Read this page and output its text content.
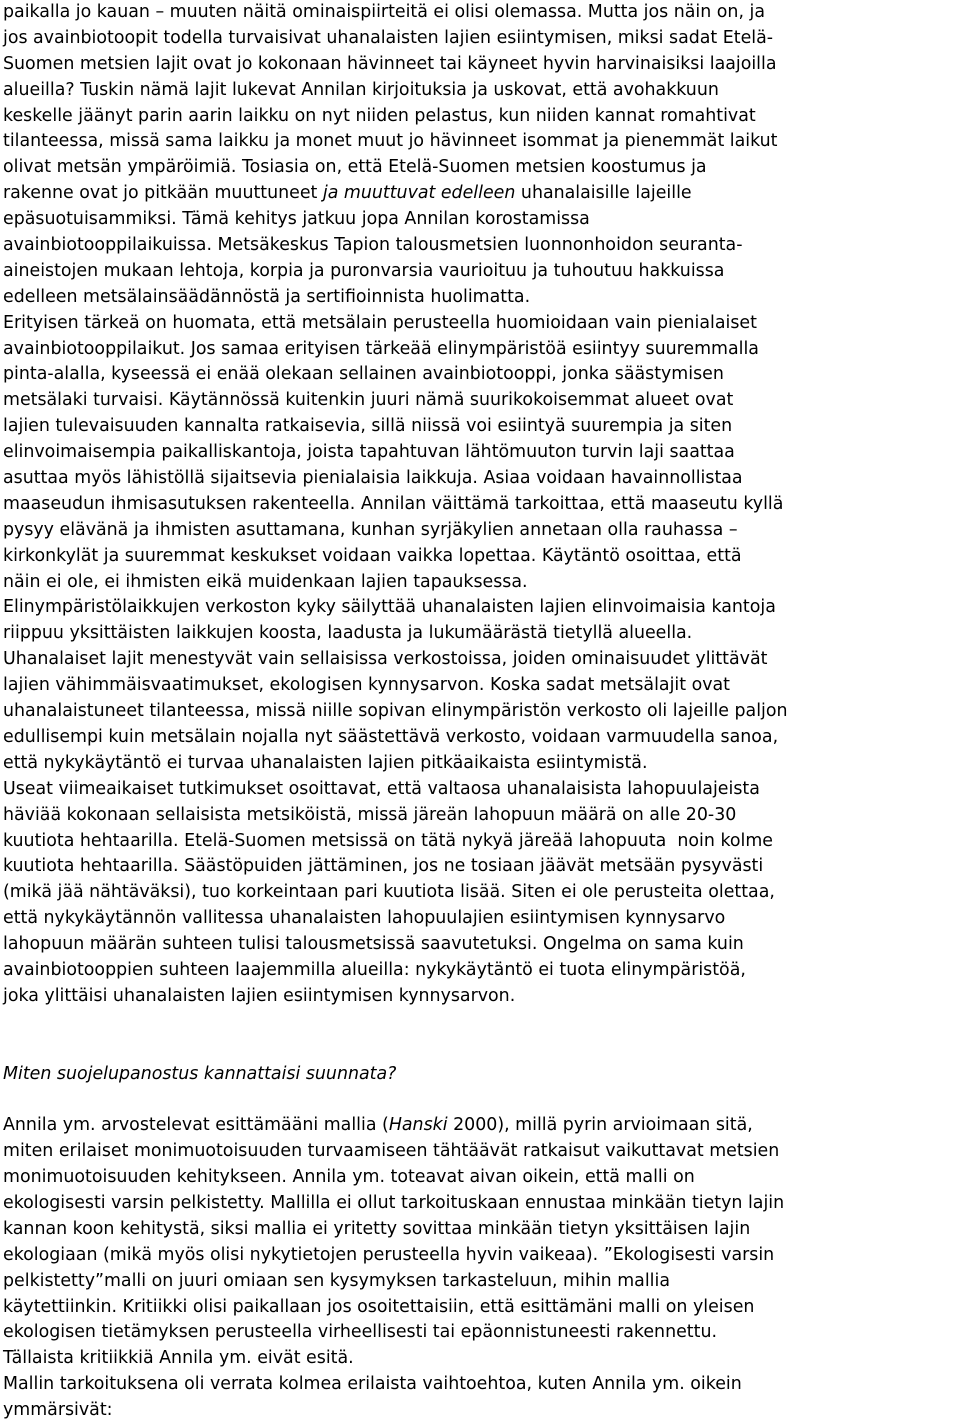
paikalla jo kauan – muuten näitä ominaispiirteitä ei olisi olemassa. Mutta jos näin on, ja
jos avainbiotoopit todella turvaisivat uhanalaisten lajien esiintymisen, miksi sadat Etelä-
Suomen metsien lajit ovat jo kokonaan hävinneet tai käyneet hyvin harvinaisiksi laajoilla
alueilla? Tuskin nämä lajit lukevat Annilan kirjoituksia ja uskovat, että avohakkuun
keskelle jäänyt parin aarin laikku on nyt niiden pelastus, kun niiden kannat romahtivat
tilanteessa, missä sama laikku ja monet muut jo hävinneet isommat ja pienemmät laikut
olivat metsän ympäröimiä. Tosiasia on, että Etelä-Suomen metsien koostumus ja
rakenne ovat jo pitkään muuttuneet ja muuttuvat edelleen uhanalaisille lajeille
epäsuotuisammiksi. Tämä kehitys jatkuu jopa Annilan korostamissa
avainbiotooppilaikuissa. Metsäkeskus Tapion talousmetsien luonnonhoidon seuranta-
aineistojen mukaan lehtoja, korpia ja puronvarsia vaurioituu ja tuhoutuu hakkuissa
edelleen metsälainsäädännöstä ja sertifioinnista huolimatta.
Erityisen tärkeä on huomata, että metsälain perusteella huomioidaan vain pienialaiset
avainbiotooppilaikut. Jos samaa erityisen tärkeää elinympäristöä esiintyy suuremmalla
pinta-alalla, kyseessä ei enää olekaan sellainen avainbiotooppi, jonka säästymisen
metsälaki turvaisi. Käytännössä kuitenkin juuri nämä suurikokoisemmat alueet ovat
lajien tulevaisuuden kannalta ratkaisevia, sillä niissä voi esiintyä suurempia ja siten
elinvoimaisempia paikalliskantoja, joista tapahtuvan lähtömuuton turvin laji saattaa
asuttaa myös lähistöllä sijaitsevia pienialaisia laikkuja. Asiaa voidaan havainnollistaa
maaseudun ihmisasutuksen rakenteella. Annilan väittämä tarkoittaa, että maaseutu kyllä
pysyy elävänä ja ihmisten asuttamana, kunhan syrjäkylien annetaan olla rauhassa –
kirkonkylät ja suuremmat keskukset voidaan vaikka lopettaa. Käytäntö osoittaa, että
näin ei ole, ei ihmisten eikä muidenkaan lajien tapauksessa.
Elinympäristölaikkujen verkoston kyky säilyttää uhanalaisten lajien elinvoimaisia kantoja
riippuu yksittäisten laikkujen koosta, laadusta ja lukumäärästä tietyllä alueella.
Uhanalaiset lajit menestyvät vain sellaisissa verkostoissa, joiden ominaisuudet ylittävät
lajien vähimmäisvaatimukset, ekologisen kynnysarvon. Koska sadat metsälajit ovat
uhanalaistuneet tilanteessa, missä niille sopivan elinympäristön verkosto oli lajeille paljon
edullisempi kuin metsälain nojalla nyt säästettävä verkosto, voidaan varmuudella sanoa,
että nykykäytäntö ei turvaa uhanalaisten lajien pitkäaikaista esiintymistä.
Useat viimeaikaiset tutkimukset osoittavat, että valtaosa uhanalaisista lahopuulajeista
häviää kokonaan sellaisista metsiköistä, missä järeän lahopuun määrä on alle 20-30
kuutiota hehtaarilla. Etelä-Suomen metsissä on tätä nykyä järeää lahopuuta  noin kolme
kuutiota hehtaarilla. Säästöpuiden jättäminen, jos ne tosiaan jäävät metsään pysyvästi
(mikä jää nähtäväksi), tuo korkeintaan pari kuutiota lisää. Siten ei ole perusteita olettaa,
että nykykäytännön vallitessa uhanalaisten lahopuulajien esiintymisen kynnysarvo
lahopuun määrän suhteen tulisi talousmetsissä saavutetuksi. Ongelma on sama kuin
avainbiotooppien suhteen laajemmilla alueilla: nykykäytäntö ei tuota elinympäristöä,
joka ylittäisi uhanalaisten lajien esiintymisen kynnysarvon.
Miten suojelupanostus kannattaisi suunnata?
Annila ym. arvostelevat esittämääni mallia (Hanski 2000), millä pyrin arvioimaan sitä,
miten erilaiset monimuotoisuuden turvaamiseen tähtäävät ratkaisut vaikuttavat metsien
monimuotoisuuden kehitykseen. Annila ym. toteavat aivan oikein, että malli on
ekologisesti varsin pelkistetty. Mallilla ei ollut tarkoituskaan ennustaa minkään tietyn lajin
kannan koon kehitystä, siksi mallia ei yritetty sovittaa minkään tietyn yksittäisen lajin
ekologiaan (mikä myös olisi nykytietojen perusteella hyvin vaikeaa). ”Ekologisesti varsin
pelkistetty”malli on juuri omiaan sen kysymyksen tarkasteluun, mihin mallia
käytettiinkin. Kritiikki olisi paikallaan jos osoitettaisiin, että esittämäni malli on yleisen
ekologisen tietämyksen perusteella virheellisesti tai epäonnistuneesti rakennettu.
Tällaista kritiikkiä Annila ym. eivät esitä.
Mallin tarkoituksena oli verrata kolmea erilaista vaihtoehtoa, kuten Annila ym. oikein
ymmärsivät:
